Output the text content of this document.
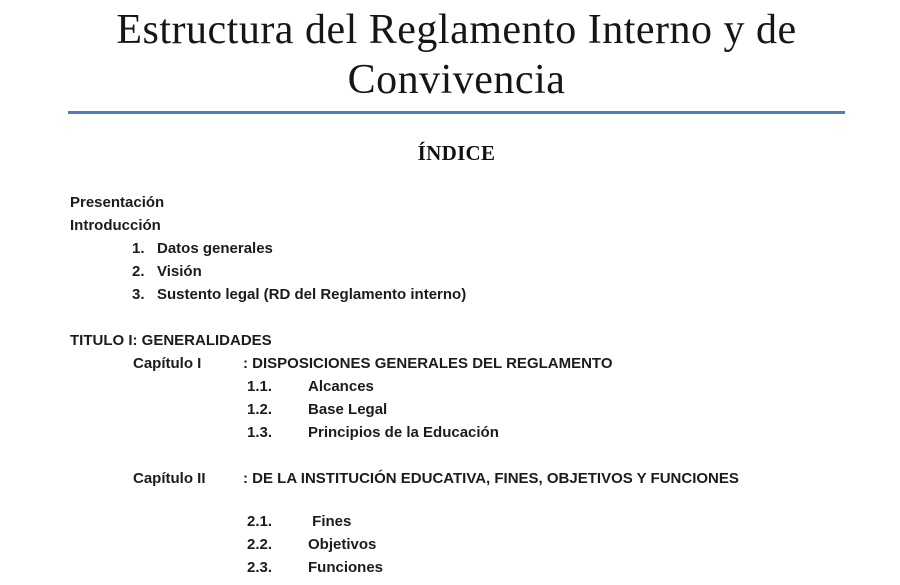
Estructura del Reglamento Interno y de Convivencia
ÍNDICE
Presentación
Introducción
1. Datos generales
2. Visión
3. Sustento legal (RD del Reglamento interno)
TITULO I: GENERALIDADES
Capítulo I	: DISPOSICIONES GENERALES DEL REGLAMENTO
1.1.	Alcances
1.2.	Base Legal
1.3.	Principios de la Educación
Capítulo II	: DE LA INSTITUCIÓN EDUCATIVA, FINES, OBJETIVOS Y FUNCIONES
2.1.	Fines
2.2.	Objetivos
2.3.	Funciones
